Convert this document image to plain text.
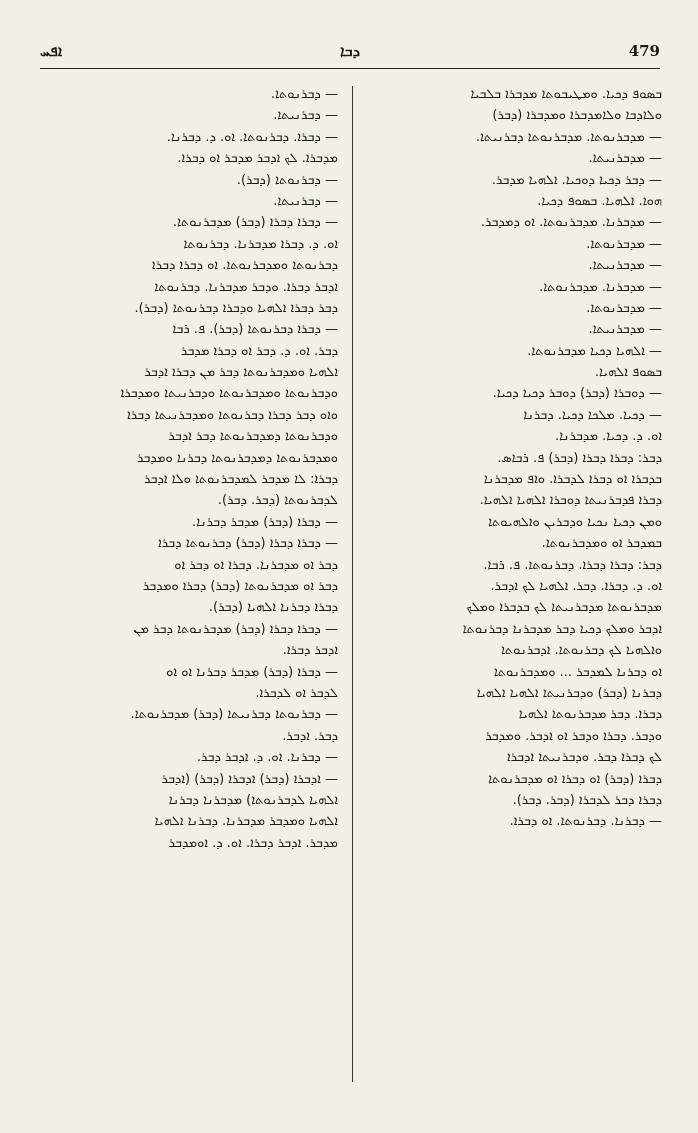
ܐܦܚ	ܕܒܐ	479
ܒܣܘܦ ܕܟܝܐ. ܘܡܛܝܒܘܬܐ ܡܕܒܪܐ ܒܠܒܝܐ
ܘܠܐܕܒܐ ܘܠܐܡܕܒܪܐ ܘܡܕܒܪܐ (ܕܒܪ)
— ܡܕܒܪܢܘܬܐ. ܡܕܒܪܢܘܬܐ ܕܒܪܢܝܬܐ.
— ܡܕܒܪܢܝܬܐ.
— ܕܒܪ ܕܟܝܐ ܕܘܟܝܐ. ܐܠܗܝܐ ܡܕܒܪ.
ܗܘܐ. ܐܠܗܝܐ. ܒܣܘܦ ܕܟܝܐ.
— ܡܕܒܪܢܐ. ܡܕܒܪܢܘܬܐ. ܐܘ ܕܡܕܒܪ.
— ܡܕܒܪܢܘܬܐ.
— ܡܕܒܪܢܝܬܐ.
— ܡܕܒܪܢܐ. ܡܕܒܪܢܘܬܐ.
— ܡܕܒܪܢܘܬܐ.
— ܡܕܒܪܢܝܬܐ.
— ܐܠܗܝܐ ܕܟܝܐ ܡܕܒܪܢܘܬܐ.
ܒܣܘܦ ܐܠܗܝܐ.
— ܕܘܒܪܐ (ܕܒܪ) ܕܘܒܪ ܕܟܝܐ ܕܟܝܐ.
— ܕܟܝܐ. ܡܠܟܐ ܕܟܝܐ. ܕܒܪܢܐ
ܐܘ. ܕ. ܕܟܝܐ. ܡܕܒܪܢܐ.
ܕܒܪ: ܕܒܪܐ ܕܒܪܐ (ܕܒܪ) ܦ. ܪܒܐܣ.
ܒܕܒܪܐ ܐܘ ܕܒܪܐ ܠܕܒܪܐ. ܘܐܦ ܡܕܒܪܢܐ
ܕܒܪܐ ܦܕܒܪܢܝܬܐ ܕܘܒܪܐ ܐܠܗܝܐ ܐܠܗܝܐ.
ܘܡܢ ܕܟܝܐ ܢܟܝܐ ܘܕܒܪܝܢ ܘܐܠܗܝܘܬܐ
ܒܡܕܒܪ ܐܘ ܘܡܕܒܪܢܘܬܐ.
ܕܒܪ: ܕܒܪܐ ܕܒܪܐ. ܕܒܪܢܘܬܐ. ܦ. ܪܒܐ.
ܐܘ. ܕ. ܕܒܪܐ. ܕܒܪ. ܐܠܗܝܐ ܠܟ ܐܕܒܪ.
ܡܕܒܪܢܘܬܐ ܡܕܒܪܢܝܬܐ ܠܟ ܒܕܒܪܐ ܘܡܠܟ
ܐܕܒܪ ܘܡܠܟ ܕܟܝܐ ܕܒܪ ܡܕܒܪܢܐ ܕܒܪܢܘܬܐ
ܘܐܠܗܝܐ ܠܟ ܕܒܪܢܘܬܐ. ܐܕܒܪܢܘܬܐ
ܐܘ ܕܒܪܢܐ ܠܡܕܒܪ ... ܘܡܕܒܪܢܘܬܐ
ܕܒܪܢܐ (ܕܒܪ) ܘܕܒܪܢܝܬܐ ܐܠܗܝܐ ܐܠܗܝܐ
ܕܒܪܐ. ܕܒܪ ܡܕܒܪܢܘܬܐ ܐܠܗܝܐ
ܘܕܒܪ. ܕܒܪܐ ܘܕܒܪ ܐܘ ܐܕܒܪ. ܘܡܕܒܪ
ܠܟ ܕܒܪܐ ܕܒܪ. ܘܕܒܪܢܝܬܐ ܐܕܒܪܐ
ܕܒܪܐ (ܕܒܪ) ܐܘ ܕܒܪܐ ܐܘ ܡܕܒܪܢܘܬܐ
ܕܒܪܐ ܕܒܪ ܠܕܒܪܐ (ܕܒܪ. ܕܒܪ).
— ܕܒܪܢܐ. ܕܒܪܢܘܬܐ. ܐܘ ܕܒܪܐ.
— ܕܒܪܢܘܬܐ.
— ܕܒܪܢܝܬܐ.
— ܕܒܪܐ. ܕܒܪܢܘܬܐ. ܐܘ. ܕ. ܕܒܪܢܐ.
ܡܕܒܪܐ. ܠܟ ܐܕܒܪ ܡܕܒܪ ܐܘ ܕܒܪܐ.
— ܕܒܪܢܘܬܐ (ܕܒܪ).
— ܕܒܪܢܝܬܐ.
— ܕܒܪܐ ܕܒܪܐ (ܕܒܪ) ܡܕܒܪܢܘܬܐ.
ܐܘ. ܕ. ܕܒܪܐ ܡܕܒܪܢܐ. ܕܒܪܢܘܬܐ
ܕܒܪܢܘܬܐ ܘܡܕܒܪܢܘܬܐ. ܐܘ ܕܒܪܐ ܕܒܪܐ
ܐܕܒܪ ܕܒܪܐ. ܘܕܒܪ ܡܕܒܪܢܐ. ܕܒܪܢܘܬܐ
ܕܒܪ ܕܒܪܐ ܐܠܗܝܐ ܘܕܒܪܐ ܕܒܪܢܘܬܐ (ܕܒܪ).
— ܕܒܪܐ ܕܒܪܢܘܬܐ (ܕܒܪ). ܦ. ܪܒܐ
ܕܒܪ. ܐܘ. ܕ. ܕܒܪ ܐܘ ܕܒܪܐ ܡܕܒܪ
ܐܠܗܝܐ ܘܡܕܒܪܢܘܬܐ ܕܒܪ ܡܢ ܕܒܪܐ ܐܕܒܪ
ܘܕܒܪܢܘܬܐ ܘܡܕܒܪܢܘܬܐ ܘܕܒܪܢܝܬܐ ܘܡܕܒܪܐ
ܘܐܘ ܕܒܪ ܕܒܪܐ ܕܒܪܢܘܬܐ ܘܡܕܒܪܢܝܬܐ ܕܒܪܐ
ܘܕܒܪܢܘܬܐ ܕܡܕܒܪܢܘܬܐ ܕܒܪ ܐܕܒܪ
ܘܡܕܒܪܢܘܬܐ ܕܡܕܒܪܢܘܬܐ ܕܒܪܢܐ ܘܡܕܒܪ
ܕܒܪܐ: ܠܐ ܡܕܒܪ ܠܡܕܒܪܢܘܬܐ ܘܠܐ ܐܕܒܪ
ܠܕܒܪܢܘܬܐ (ܕܒܪ. ܕܒܪ).
— ܕܒܪܐ (ܕܒܪ) ܡܕܒܪ ܕܒܪܢܐ.
— ܕܒܪܐ ܕܒܪܐ (ܕܒܪ) ܕܒܪܢܘܬܐ ܕܒܪܐ
ܕܒܪ ܐܘ ܡܕܒܪܢܐ. ܕܒܪܐ ܐܘ ܕܒܪ ܐܘ
ܕܒܪ ܐܘ ܡܕܒܪܢܘܬܐ (ܕܒܪ) ܕܒܪܐ ܘܡܕܒܪ
ܕܒܪܐ ܕܒܪܢܐ ܐܠܗܝܐ (ܕܒܪ).
— ܕܒܪܐ ܕܒܪܐ (ܕܒܪ) ܡܕܒܪܢܘܬܐ ܕܒܪ ܡܢ
ܐܕܒܪ ܕܒܪܐ.
— ܕܒܪܐ (ܕܒܪ) ܡܕܒܪ ܕܒܪܢܐ ܐܘ ܐܘ
ܠܕܒܪ ܐܘ ܠܕܒܪܐ.
— ܕܒܪܢܘܬܐ ܕܒܪܢܝܬܐ (ܕܒܪ) ܡܕܒܪܢܘܬܐ.
ܕܒܪ. ܐܕܒܪ.
— ܕܒܪܢܐ. ܐܘ. ܕ. ܐܕܒܪ ܕܒܪ.
— ܐܕܒܪܐ (ܕܒܪ) ܐܕܒܪܐ (ܕܒܪ) (ܐܕܒܪ
ܐܠܗܝܐ ܠܕܒܪܢܘܬܐ) ܡܕܒܪܢܐ ܕܒܪܢܐ
ܐܠܗܝܐ ܘܡܕܒܪ ܡܕܒܪܢܐ. ܕܒܪܢܐ ܐܠܗܝܐ
ܡܕܒܪ. ܐܕܒܪ ܕܒܪܐ. ܐܘ. ܕ. ܐܘܡܕܒܪ
